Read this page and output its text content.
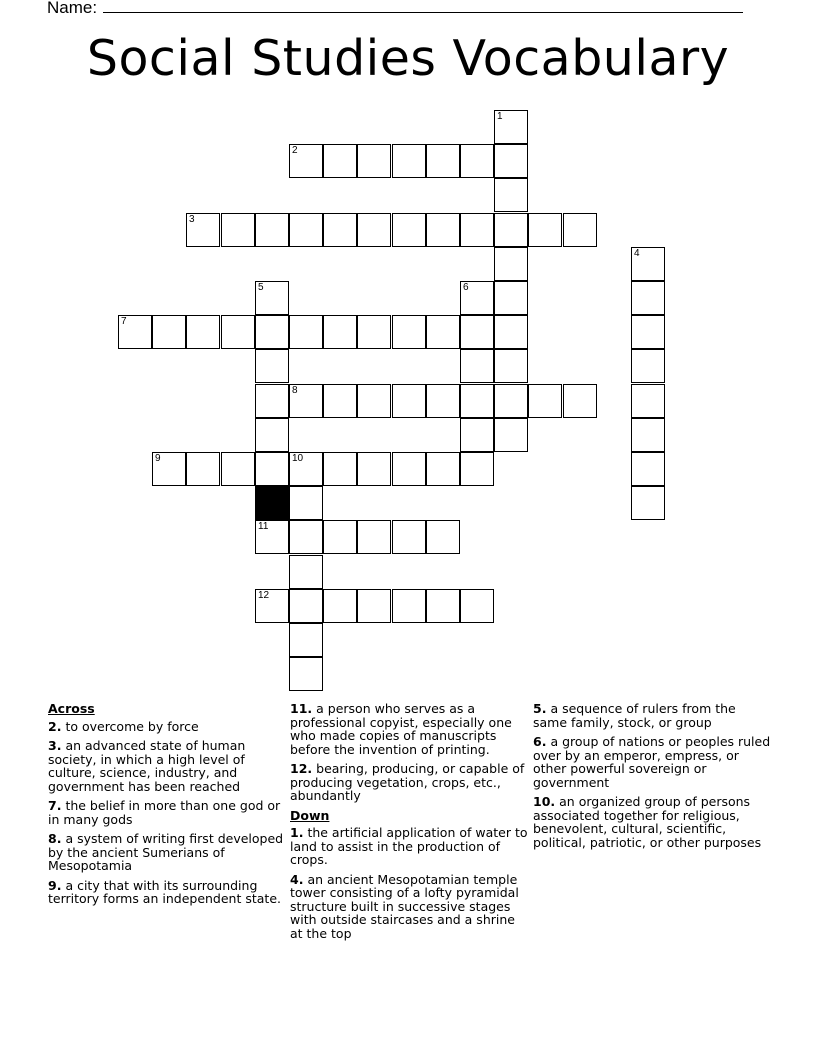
Name:
Social Studies Vocabulary
1
2
3
4
5	6
7
8
9	10
11
12
Across
2. to overcome by force
3. an advanced state of human society, in which a high level of culture, science, industry, and government has been reached
7. the belief in more than one god or in many gods
8. a system of writing first developed by the ancient Sumerians of Mesopotamia
9. a city that with its surrounding territory forms an independent state.
11. a person who serves as a professional copyist, especially one who made copies of manuscripts before the invention of printing.
12. bearing, producing, or capable of producing vegetation, crops, etc., abundantly
Down
1. the artificial application of water to land to assist in the production of crops.
4. an ancient Mesopotamian temple tower consisting of a lofty pyramidal structure built in successive stages with outside staircases and a shrine at the top
5. a sequence of rulers from the same family, stock, or group
6. a group of nations or peoples ruled over by an emperor, empress, or other powerful sovereign or government
10. an organized group of persons associated together for religious, benevolent, cultural, scientific, political, patriotic, or other purposes
